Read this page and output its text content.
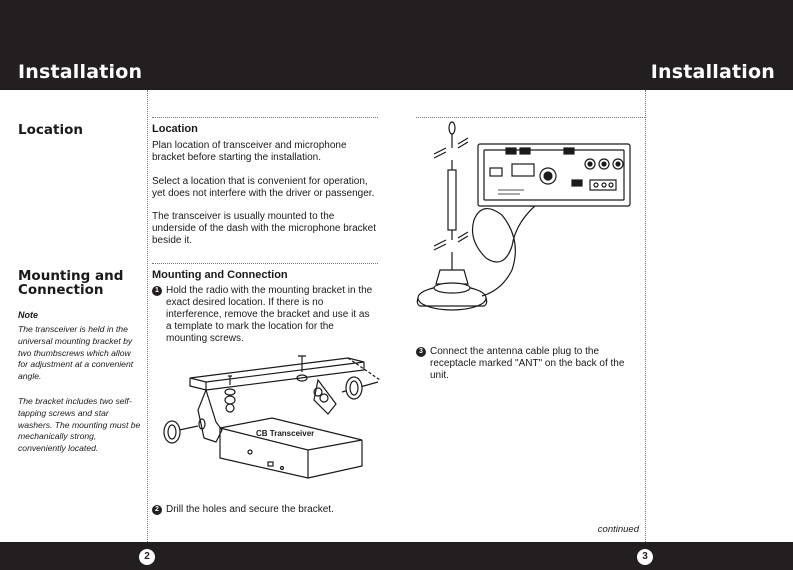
Installation	Installation
Location
Mounting and Connection
Note
The transceiver is held in the universal mounting bracket by two thumbscrews which allow for adjustment at a convenient angle.
The bracket includes two self-tapping screws and star washers. The mounting must be mechanically strong, conveniently located.
Location
Plan location of transceiver and microphone bracket before starting the installation.
Select a location that is convenient for operation, yet does not interfere with the driver or passenger.
The transceiver is usually mounted to the underside of the dash with the microphone bracket beside it.
Mounting and Connection
1 Hold the radio with the mounting bracket in the exact desired location. If there is no interference, remove the bracket and use it as a template to mark the location for the mounting screws.
2 Drill the holes and secure the bracket.
3 Connect the antenna cable plug to the receptacle marked "ANT" on the back of the unit.
CB Transceiver
continued
2	3
